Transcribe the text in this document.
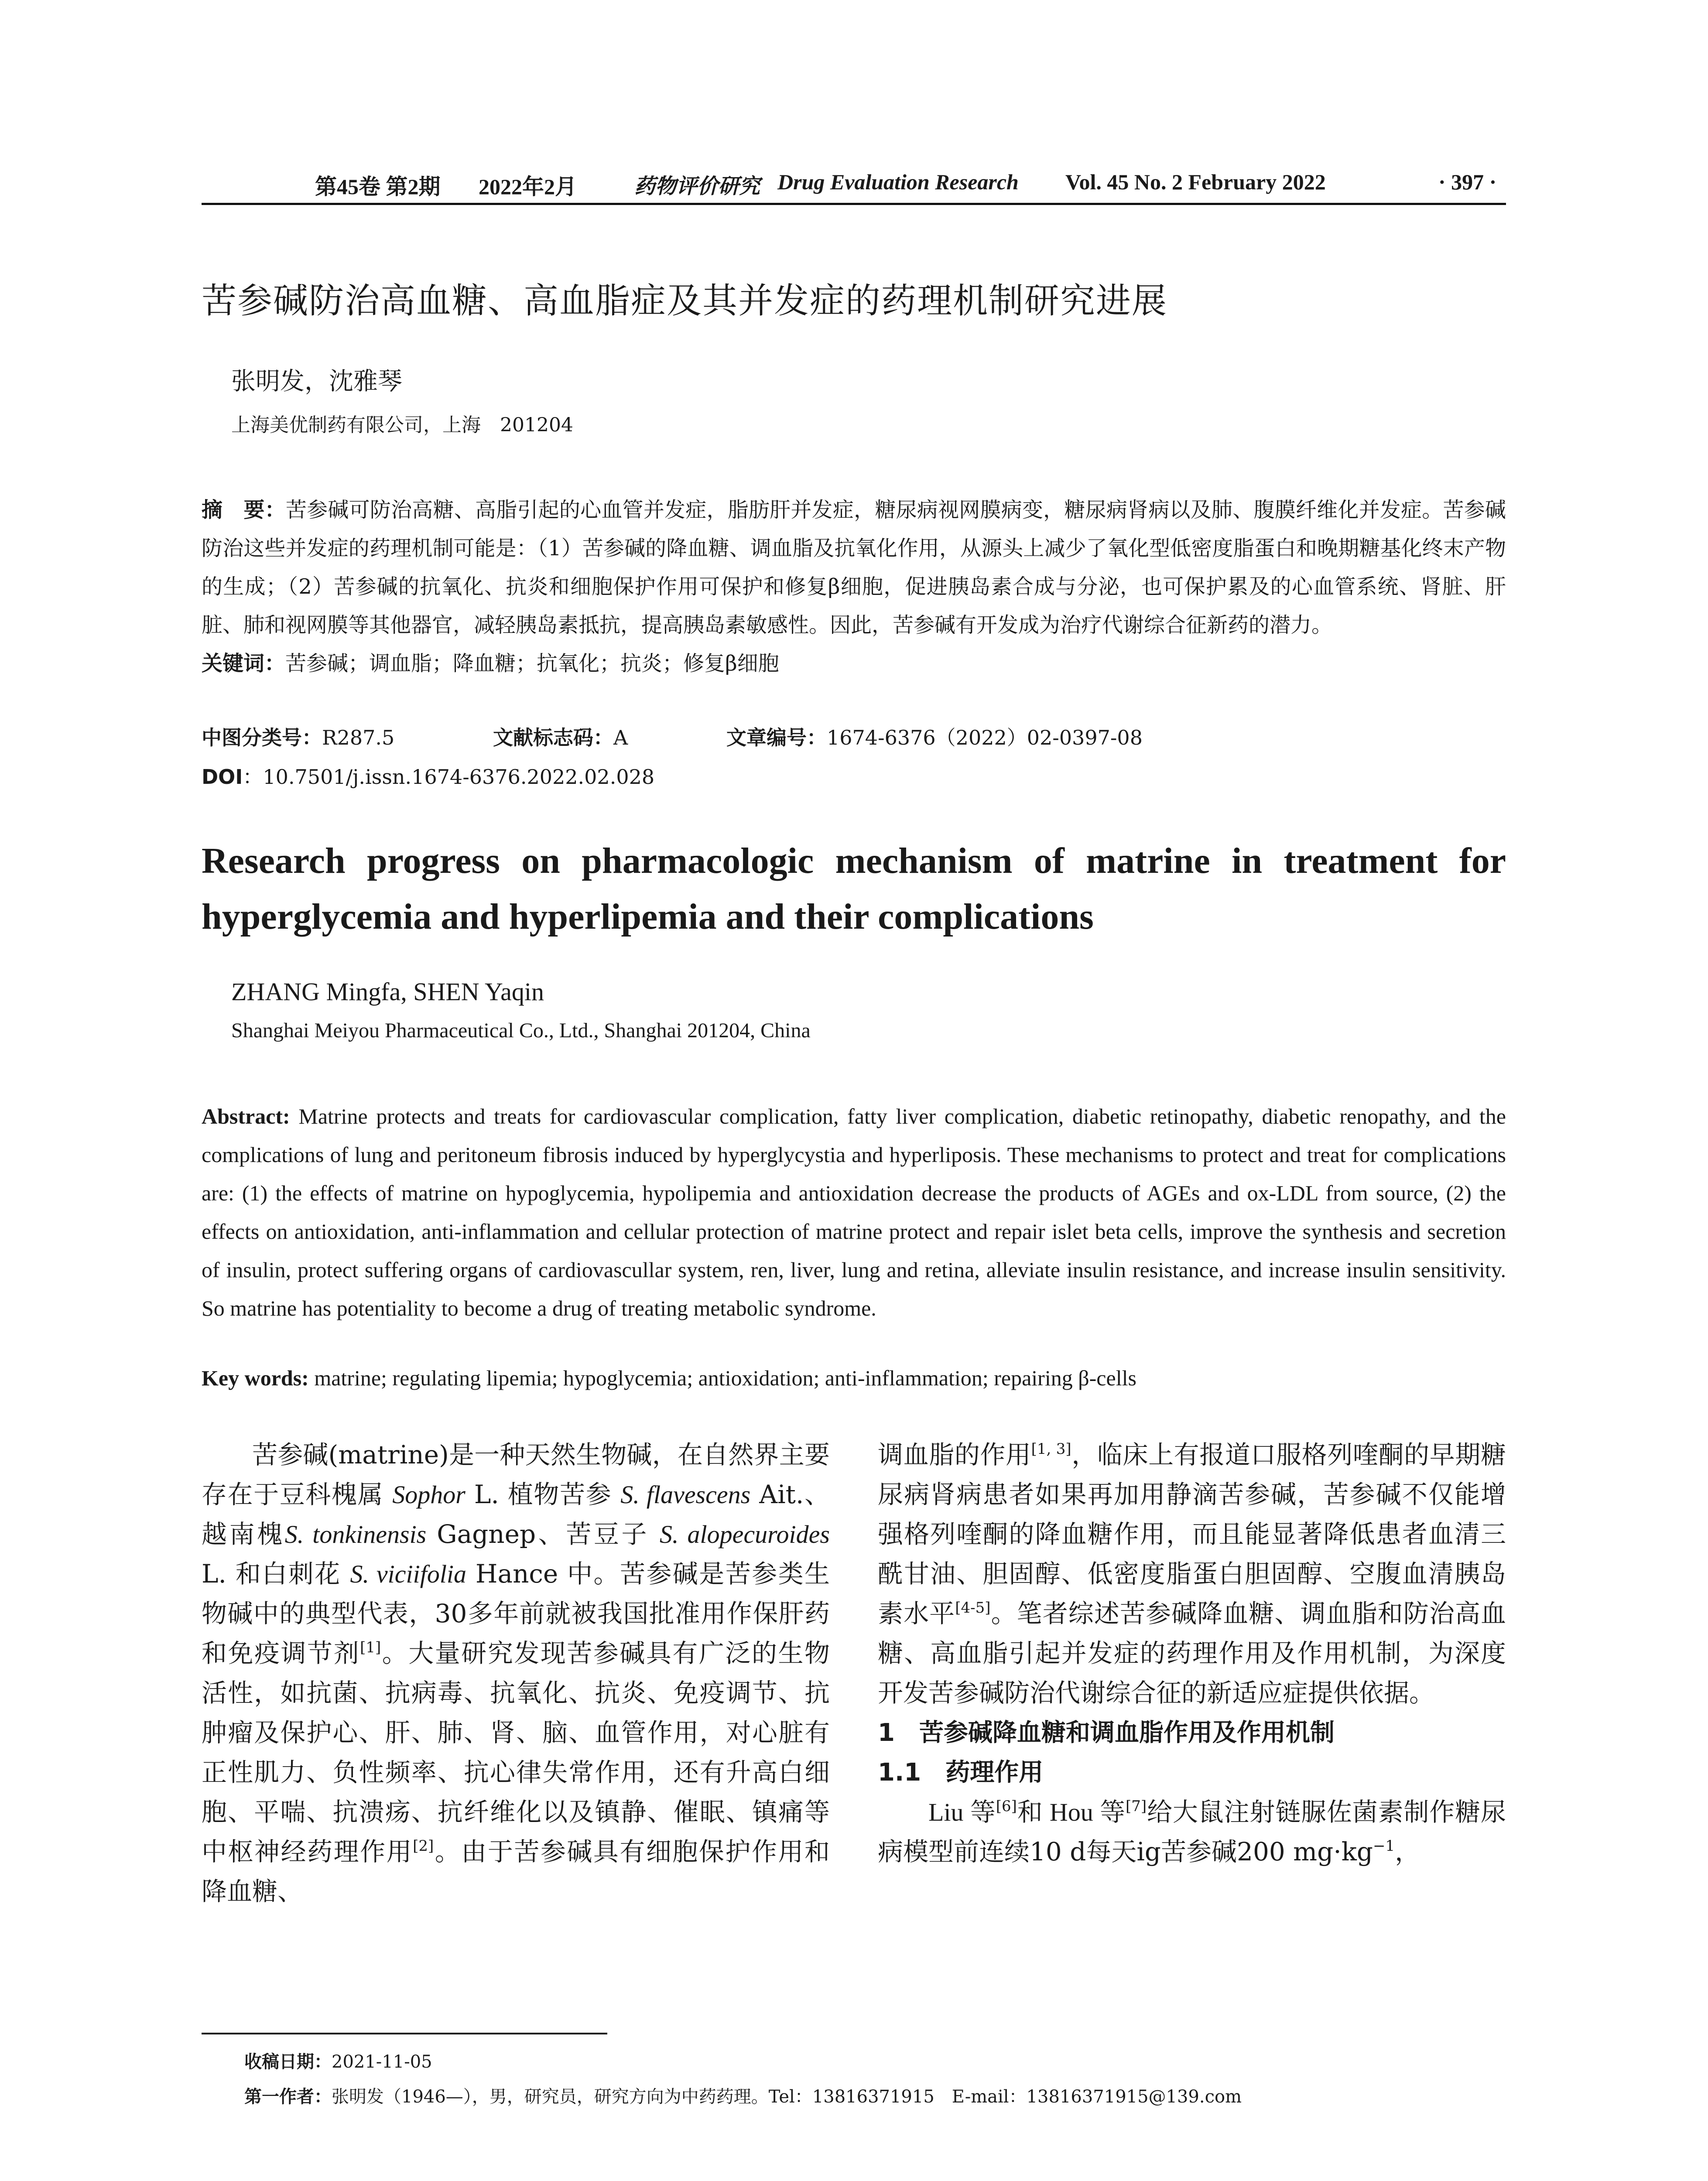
第45卷 第2期 2022年2月	药物评价研究 Drug Evaluation Research Vol. 45 No. 2 February 2022	· 397 ·
苦参碱防治高血糖、高血脂症及其并发症的药理机制研究进展
张明发，沈雅琴
上海美优制药有限公司，上海　201204
摘　要：苦参碱可防治高糖、高脂引起的心血管并发症，脂肪肝并发症，糖尿病视网膜病变，糖尿病肾病以及肺、腹膜纤维化并发症。苦参碱防治这些并发症的药理机制可能是：（1）苦参碱的降血糖、调血脂及抗氧化作用，从源头上减少了氧化型低密度脂蛋白和晚期糖基化终末产物的生成；（2）苦参碱的抗氧化、抗炎和细胞保护作用可保护和修复β细胞，促进胰岛素合成与分泌，也可保护累及的心血管系统、肾脏、肝脏、肺和视网膜等其他器官，减轻胰岛素抵抗，提高胰岛素敏感性。因此，苦参碱有开发成为治疗代谢综合征新药的潜力。
关键词：苦参碱；调血脂；降血糖；抗氧化；抗炎；修复β细胞
中图分类号：R287.5	文献标志码：A	文章编号：1674-6376（2022）02-0397-08
DOI：10.7501/j.issn.1674-6376.2022.02.028
Research progress on pharmacologic mechanism of matrine in treatment for hyperglycemia and hyperlipemia and their complications
ZHANG Mingfa, SHEN Yaqin
Shanghai Meiyou Pharmaceutical Co., Ltd., Shanghai 201204, China
Abstract: Matrine protects and treats for cardiovascular complication, fatty liver complication, diabetic retinopathy, diabetic renopathy, and the complications of lung and peritoneum fibrosis induced by hyperglycystia and hyperliposis. These mechanisms to protect and treat for complications are: (1) the effects of matrine on hypoglycemia, hypolipemia and antioxidation decrease the products of AGEs and ox-LDL from source, (2) the effects on antioxidation, anti-inflammation and cellular protection of matrine protect and repair islet beta cells, improve the synthesis and secretion of insulin, protect suffering organs of cardiovascullar system, ren, liver, lung and retina, alleviate insulin resistance, and increase insulin sensitivity. So matrine has potentiality to become a drug of treating metabolic syndrome.
Key words: matrine; regulating lipemia; hypoglycemia; antioxidation; anti-inflammation; repairing β-cells

苦参碱(matrine)是一种天然生物碱，在自然界主要存在于豆科槐属 Sophor L. 植物苦参 S. flavescens Ait.、越南槐S. tonkinensis Gagnep、苦豆子 S. alopecuroides L. 和白刺花 S. viciifolia Hance 中。苦参碱是苦参类生物碱中的典型代表，30多年前就被我国批准用作保肝药和免疫调节剂[1]。大量研究发现苦参碱具有广泛的生物活性，如抗菌、抗病毒、抗氧化、抗炎、免疫调节、抗肿瘤及保护心、肝、肺、肾、脑、血管作用，对心脏有正性肌力、负性频率、抗心律失常作用，还有升高白细胞、平喘、抗溃疡、抗纤维化以及镇静、催眠、镇痛等中枢神经药理作用[2]。由于苦参碱具有细胞保护作用和降血糖、

调血脂的作用[1, 3]，临床上有报道口服格列喹酮的早期糖尿病肾病患者如果再加用静滴苦参碱，苦参碱不仅能增强格列喹酮的降血糖作用，而且能显著降低患者血清三酰甘油、胆固醇、低密度脂蛋白胆固醇、空腹血清胰岛素水平[4-5]。笔者综述苦参碱降血糖、调血脂和防治高血糖、高血脂引起并发症的药理作用及作用机制，为深度开发苦参碱防治代谢综合征的新适应症提供依据。

1　苦参碱降血糖和调血脂作用及作用机制

1.1　药理作用

Liu 等[6]和 Hou 等[7]给大鼠注射链脲佐菌素制作糖尿病模型前连续10 d每天ig苦参碱200 $mg\cdot kg^{-1}$，

收稿日期：2021-11-05
第一作者：张明发（1946—），男，研究员，研究方向为中药药理。Tel：13816371915　E-mail：13816371915@139.com
